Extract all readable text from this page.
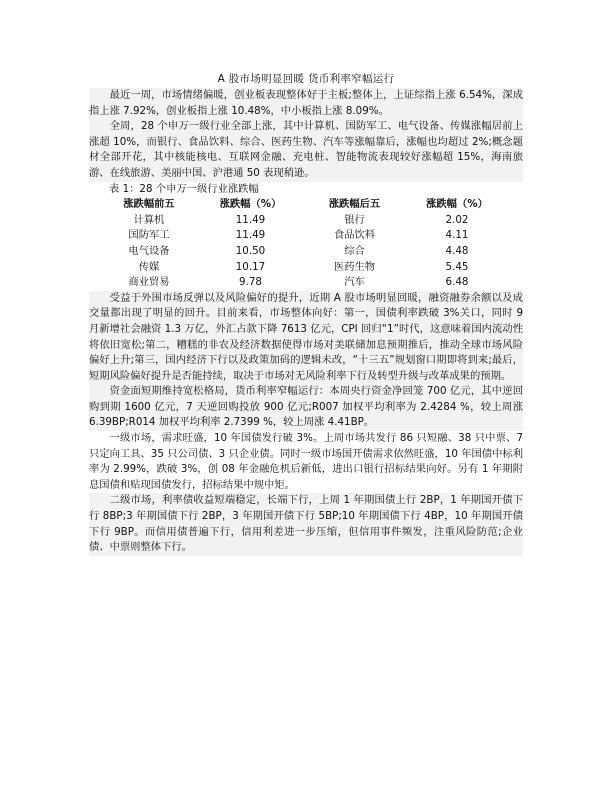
A 股市场明显回暖 货币利率窄幅运行

最近一周，市场情绪偏暖，创业板表现整体好于主板;整体上，上证综指上涨 6.54%，深成指上涨 7.92%，创业板指上涨 10.48%，中小板指上涨 8.09%。

全周，28 个申万一级行业全部上涨，其中计算机、国防军工、电气设备、传媒涨幅居前上涨超 10%，而银行、食品饮料、综合、医药生物、汽车等涨幅靠后，涨幅也均超过 2%;概念题材全部开花，其中核能核电、互联网金融、充电桩、智能物流表现较好涨幅超 15%，海南旅游、在线旅游、美丽中国、沪港通 50 表现稍逊。

表 1：28 个申万一级行业涨跌幅

涨跌幅前五	涨跌幅（%）	涨跌幅后五	涨跌幅（%）
计算机	11.49	银行	2.02
国防军工	11.49	食品饮料	4.11
电气设备	10.50	综合	4.48
传媒	10.17	医药生物	5.45
商业贸易	9.78	汽车	6.48

受益于外围市场反弹以及风险偏好的提升，近期 A 股市场明显回暖，融资融券余额以及成交量都出现了明显的回升。目前来看，市场整体向好：第一，国债利率跌破 3%关口，同时 9 月新增社会融资 1.3 万亿，外汇占款下降 7613 亿元，CPI 回归“1”时代，这意味着国内流动性将依旧宽松;第二，糟糕的非农及经济数据使得市场对美联储加息预期推后，推动全球市场风险偏好上升;第三，国内经济下行以及政策加码的逻辑未改，“十三五”规划窗口期即将到来;最后，短期风险偏好提升是否能持续，取决于市场对无风险利率下行及转型升级与改革成果的预期。

资金面短期维持宽松格局，货币利率窄幅运行：本周央行资金净回笼 700 亿元，其中逆回购到期 1600 亿元，7 天逆回购投放 900 亿元;R007 加权平均利率为 2.4284 %，较上周涨 6.39BP;R014 加权平均利率 2.7399 %，较上周涨 4.41BP。

一级市场，需求旺盛，10 年国债发行破 3%。上周市场共发行 86 只短融、38 只中票、7 只定向工具、35 只公司债、3 只企业债。同时一级市场国开债需求依然旺盛，10 年国债中标利率为 2.99%，跌破 3%，创 08 年金融危机后新低，进出口银行招标结果向好。另有 1 年期附息国债和贴现国债发行，招标结果中规中矩。

二级市场，利率债收益短端稳定，长端下行，上周 1 年期国债上行 2BP，1 年期国开债下行 8BP;3 年期国债下行 2BP，3 年期国开债下行 5BP;10 年期国债下行 4BP，10 年期国开债下行 9BP。而信用债普遍下行，信用利差进一步压缩，但信用事件频发，注重风险防范;企业债、中票则整体下行。
